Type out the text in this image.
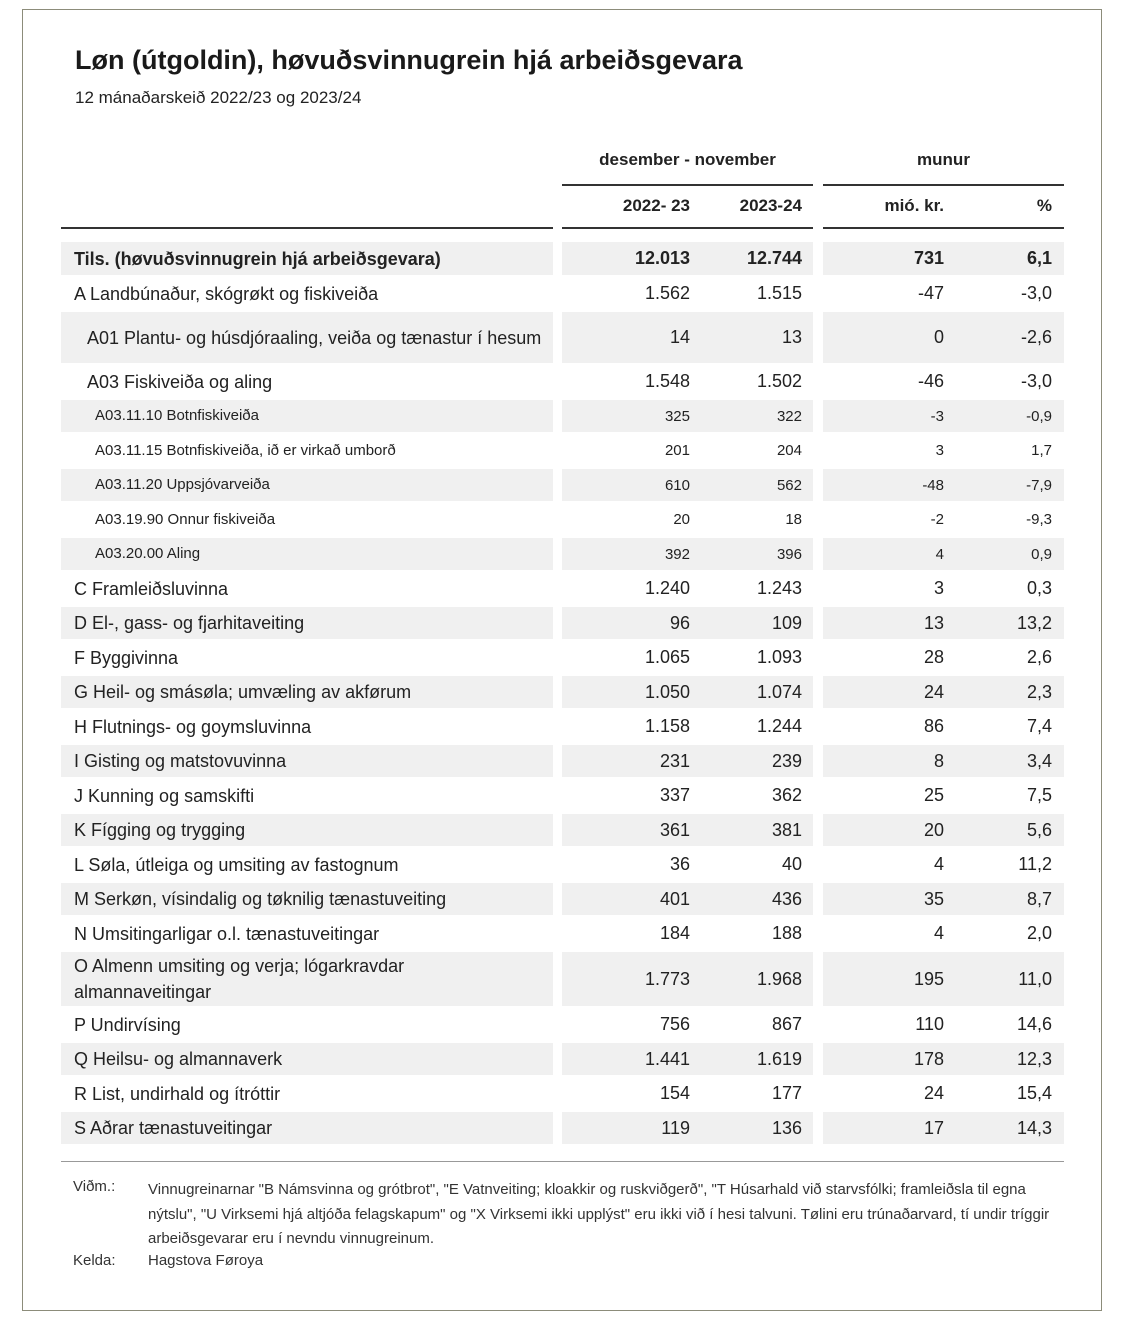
Løn (útgoldin), høvuðsvinnugrein hjá arbeiðsgevara
12 mánaðarskeið 2022/23 og 2023/24
desember - november	munur
2022- 23	2023-24	mió. kr.	%
Tils. (høvuðsvinnugrein hjá arbeiðsgevara)	12.013	12.744	731	6,1
A Landbúnaður, skógrøkt og fiskiveiða	1.562	1.515	-47	-3,0
A01 Plantu- og húsdjóraaling, veiða og tænastur í hesum	14	13	0	-2,6
A03 Fiskiveiða og aling	1.548	1.502	-46	-3,0
A03.11.10 Botnfiskiveiða	325	322	-3	-0,9
A03.11.15 Botnfiskiveiða, ið er virkað umborð	201	204	3	1,7
A03.11.20 Uppsjóvarveiða	610	562	-48	-7,9
A03.19.90 Onnur fiskiveiða	20	18	-2	-9,3
A03.20.00 Aling	392	396	4	0,9
C Framleiðsluvinna	1.240	1.243	3	0,3
D El-, gass- og fjarhitaveiting	96	109	13	13,2
F Byggivinna	1.065	1.093	28	2,6
G Heil- og smásøla; umvæling av akførum	1.050	1.074	24	2,3
H Flutnings- og goymsluvinna	1.158	1.244	86	7,4
I Gisting og matstovuvinna	231	239	8	3,4
J Kunning og samskifti	337	362	25	7,5
K Fígging og trygging	361	381	20	5,6
L Søla, útleiga og umsiting av fastognum	36	40	4	11,2
M Serkøn, vísindalig og tøknilig tænastuveiting	401	436	35	8,7
N Umsitingarligar o.l. tænastuveitingar	184	188	4	2,0
O Almenn umsiting og verja; lógarkravdar almannaveitingar
1.773	1.968	195	11,0
P Undirvísing	756	867	110	14,6
Q Heilsu- og almannaverk	1.441	1.619	178	12,3
R List, undirhald og ítróttir	154	177	24	15,4
S Aðrar tænastuveitingar	119	136	17	14,3
Viðm.: Vinnugreinarnar "B Námsvinna og grótbrot", "E Vatnveiting; kloakkir og ruskviðgerð", "T Húsarhald við starvsfólki; framleiðsla til egna nýtslu", "U Virksemi hjá altjóða felagskapum" og "X Virksemi ikki upplýst" eru ikki við í hesi talvuni. Tølini eru trúnaðarvard, tí undir tríggir arbeiðsgevarar eru í nevndu vinnugreinum.
Kelda: Hagstova Føroya
